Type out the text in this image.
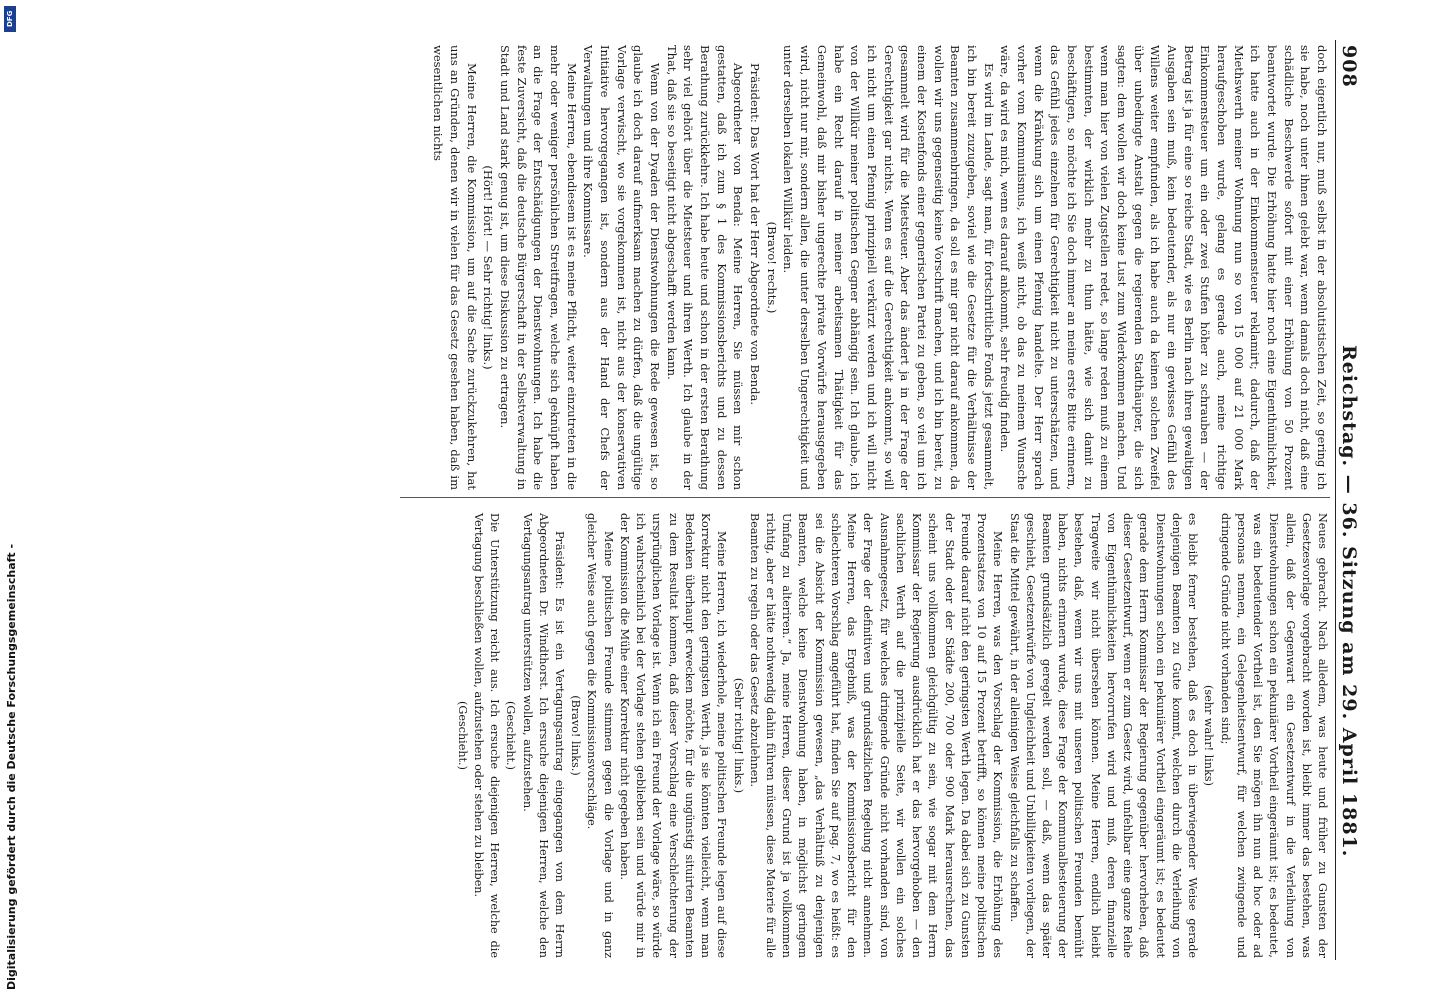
908
Reichstag. — 36. Sitzung am 29. April 1881.

doch eigentlich nur, muß selbst in der absolutistischen Zeit, so gering ich sie habe, noch unter ihnen gelebt war, wenn damals doch nicht, daß eine schädliche Beschwerde sofort mit einer Erhöhung von 50 Prozent beantwortet wurde. Die Erhöhung hatte hier noch eine Eigenthümlichkeit, ich hatte auch in der Einkommensteuer reklamirt; dadurch, daß der Miethswerth meiner Wohnung nun so von 15 000 auf 21 000 Mark heraufgeschoben wurde, gelang es gerade auch, meine richtige Einkommensteuer um ein oder zwei Stufen höher zu schrauben — der Betrag ist ja für eine so reiche Stadt, wie es Berlin nach ihren gewaltigen Ausgaben sein muß, kein bedeutender, als nur ein gewisses Gefühl des Willens weiter empfunden, als ich habe auch da keinen solchen Zweifel über unbedingte Anstalt gegen die regierenden Stadthäupter, die sich sagten: dem wollen wir doch keine Lust zum Widerkommen machen. Und wenn man hier von vielen Zugstellen redet, so lange reden muß zu einem bestimmten, der wirklich mehr zu thun hätte, wie sich damit zu beschäftigen, so möchte ich Sie doch immer an meine erste Bitte erinnern, das Gefühl jedes einzelnen für Gerechtigkeit nicht zu unterschätzen, und wenn die Kränkung sich um einen Pfennig handelte. Der Herr sprach vorher vom Kommunismus, ich weiß nicht, ob das zu meinem Wunsche wäre, da wird es mich, wenn es darauf ankommt, sehr freudig finden.

Es wird im Lande, sagt man, für fortschrittliche Fonds jetzt gesammelt, ich bin bereit zuzugeben, soviel wie die Gesetze für die Verhältnisse der Beamten zusammenbringen, da soll es mir gar nicht darauf ankommen, da wollen wir uns gegenseitig keine Vorschrift machen, und ich bin bereit, zu einem der Kostenfonds einer gegnerischen Partei zu geben, so viel um ich gesammelt wird für die Mietsteuer. Aber das ändert ja in der Frage der Gerechtigkeit gar nichts. Wenn es auf die Gerechtigkeit ankommt, so will ich nicht um einen Pfennig prinzipiell verkürzt werden und ich will nicht von der Willkür meiner politischen Gegner abhängig sein. Ich glaube, ich habe ein Recht darauf in meiner arbeitsamen Thätigkeit für das Gemeinwohl, daß mir bisher ungerechte private Vorwürfe herausgegeben wird, nicht nur mir, sondern allen, die unter derselben Ungerechtigkeit und unter derselben lokalen Willkür leiden.

(Bravo! rechts.)

Präsident: Das Wort hat der Herr Abgeordnete von Benda.

Abgeordneter von Benda: Meine Herren, Sie müssen mir schon gestatten, daß ich zum § 1 des Kommissionsberichts und zu dessen Berathung zurückkehre. Ich habe heute und schon in der ersten Berathung sehr viel gehört über die Mietsteuer und ihren Werth. Ich glaube in der That, daß sie so beseitigt nicht abgeschafft werden kann.

Wenn von der Dyaden der Dienstwohnungen die Rede gewesen ist, so glaube ich doch darauf aufmerksam machen zu dürfen, daß die ungültige Vorlage verwischt, wo sie vorgekommen ist, nicht aus der konservativen Initiative hervorgegangen ist, sondern aus der Hand der Chefs der Verwaltungen und ihre Kommissare.

Meine Herren, ebendiesem ist es meine Pflicht, weiter einzutreten in die mehr oder weniger persönlichen Streitfragen, welche sich geknüpft haben an die Frage der Entschädigungen der Dienstwohnungen. Ich habe die feste Zuversicht, daß die deutsche Bürgerschaft in der Selbstverwaltung in Stadt und Land stark genug ist, um diese Diskussion zu ertragen.

(Hört! Hört! — Sehr richtig! links.)

Meine Herren, die Kommission, um auf die Sache zurückzukehren, hat uns an Gründen, denen wir in vielen für das Gesetz gesehen haben, daß im wesentlichen nichts

Neues gebracht. Nach alledem, was heute und früher zu Gunsten der Gesetzesvorlage vorgebracht worden ist, bleibt immer das bestehen, was allein, daß der Gegenwart ein Gesetzentwurf in die Verleihung von Dienstwohnungen schon ein pekuniärer Vortheil eingeräumt ist; es bedeutet, was ein bedeutender Vortheil ist, den Sie mögen ihn nun ad hoc oder ad personas nennen, ein Gelegenheitsentwurf, für welchen zwingende und dringende Gründe nicht vorhanden sind;

(sehr wahr! links)

es bleibt ferner bestehen, daß es doch in überwiegender Weise gerade denjenigen Beamten zu Gute kommt, welchen durch die Verleihung von Dienstwohnungen schon ein pekuniärer Vortheil eingeräumt ist; es bedeutet gerade dem Herrn Kommissar der Regierung gegenüber hervorheben, daß dieser Gesetzentwurf, wenn er zum Gesetz wird, unfehlbar eine ganze Reihe von Eigenthümlichkeiten hervorrufen wird und muß, deren finanzielle Tragweite wir nicht übersehen können. Meine Herren, endlich bleibt bestehen, daß, wenn wir uns mit unseren politischen Freunden bemüht haben, nichts erinnern wurde, diese Frage der Kommunalbesteuerung der Beamten grundsätzlich geregelt werden soll, — daß, wenn das später geschieht, Gesetzentwürfe von Ungleichheit und Unbilligkeiten vorliegen, der Staat die Mittel gewährt, in der alleinigen Weise gleichfalls zu schaffen.

Meine Herren, was den Vorschlag der Kommission, die Erhöhung des Prozentsatzes von 10 auf 15 Prozent betrifft, so können meine politischen Freunde darauf nicht den geringsten Werth legen. Da dabei sich zu Gunsten der Stadt oder der Städte 200, 700 oder 900 Mark herausrechnen, das scheint uns vollkommen gleichgültig zu sein, wie sogar mit dem Herrn Kommissar der Regierung ausdrücklich hat er das hervorgehoben — den sachlichen Werth auf die prinzipielle Seite, wir wollen ein solches Ausnahmegesetz, für welches dringende Gründe nicht vorhanden sind, von der Frage der definitiven und grundsätzlichen Regelung nicht annehmen. Meine Herren, das Ergebniß, was der Kommissionsbericht für den schlechteren Vorschlag angeführt hat, finden Sie auf pag. 7, wo es heißt: es sei die Absicht der Kommission gewesen, „das Verhältniß zu denjenigen Beamten, welche keine Dienstwohnung haben, in möglichst geringem Umfang zu alteriren.“ Ja, meine Herren, dieser Grund ist ja vollkommen richtig, aber er hätte nothwendig dahin führen müssen, diese Materie für alle Beamten zu regeln oder das Gesetz abzulehnen.

(Sehr richtig! links.)

Meine Herren, ich wiederhole, meine politischen Freunde legen auf diese Korrektur nicht den geringsten Werth, ja sie könnten vielleicht, wenn man Bedenken überhaupt erwecken möchte, für die ungünstig situirten Beamten zu dem Resultat kommen, daß dieser Vorschlag eine Verschlechterung der ursprünglichen Vorlage ist. Wenn ich ein Freund der Vorlage wäre, so würde ich wahrscheinlich bei der Vorlage stehen geblieben sein und würde mir in der Kommission die Mühe einer Korrektur nicht gegeben haben.

Meine politischen Freunde stimmen gegen die Vorlage und in ganz gleicher Weise auch gegen die Kommissionsvorschläge.

(Bravo! links.)

Präsident: Es ist ein Vertagungsantrag eingegangen von dem Herrn Abgeordneten Dr. Windthorst. Ich ersuche diejenigen Herren, welche den Vertagungsantrag unterstützen wollen, aufzustehen.

(Geschieht.)

Die Unterstützung reicht aus. Ich ersuche diejenigen Herren, welche die Vertagung beschließen wollen, aufzustehen oder stehen zu bleiben.

(Geschieht.)

Digitalisierung gefördert durch die Deutsche Forschungsgemeinschaft -
DFG
